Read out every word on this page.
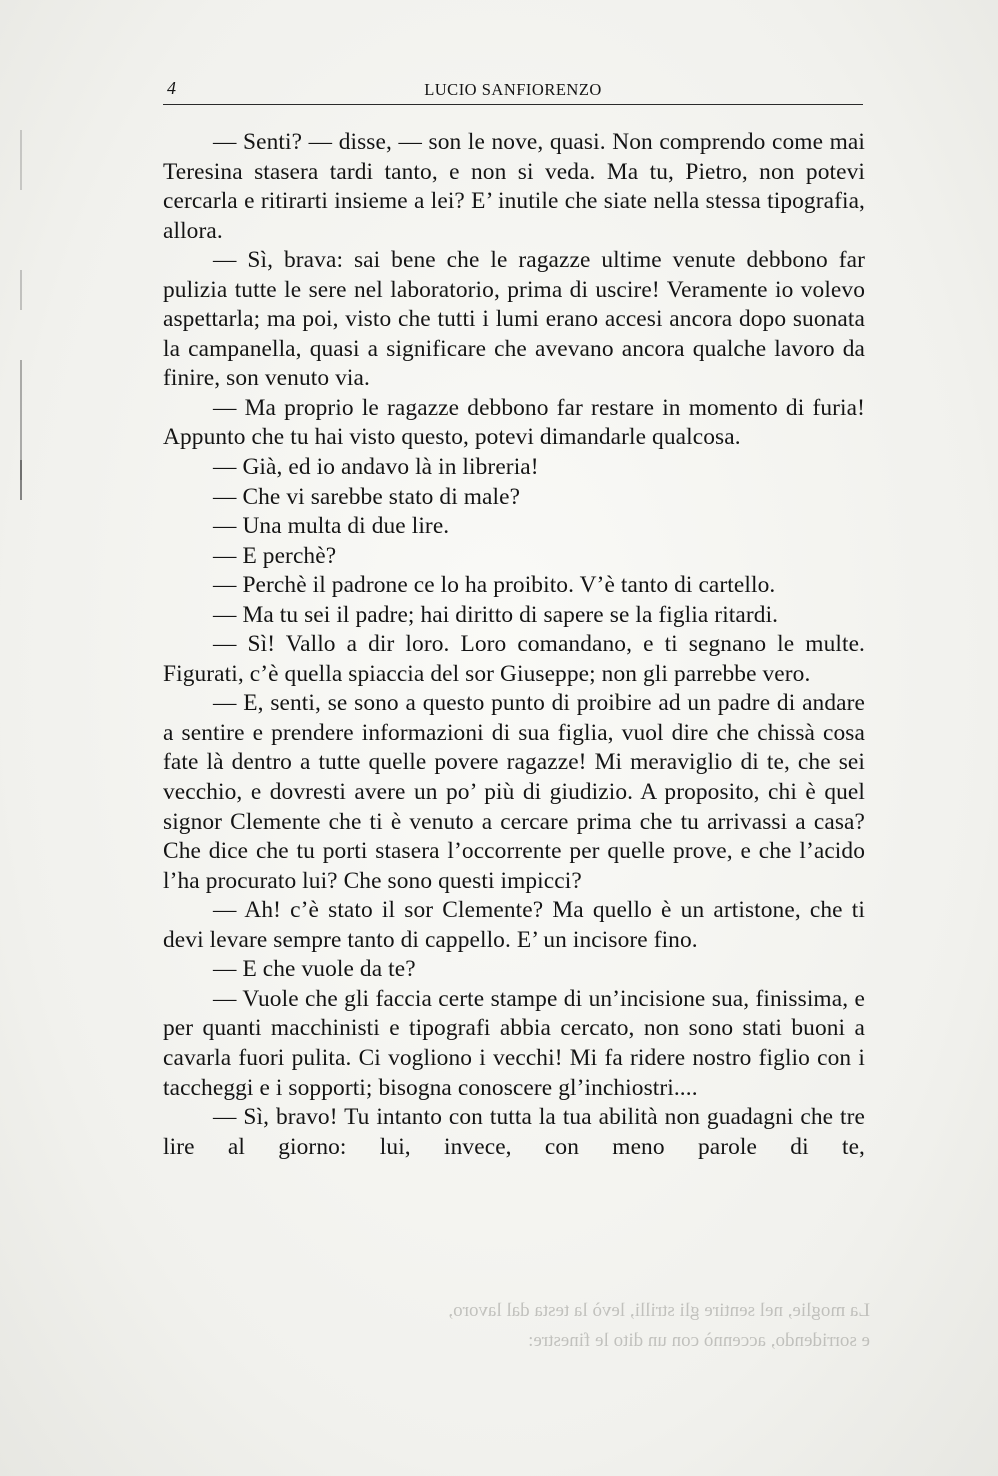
4	LUCIO SANFIORENZO

— Senti? — disse, — son le nove, quasi. Non comprendo come mai Teresina stasera tardi tanto, e non si veda. Ma tu, Pietro, non potevi cercarla e ritirarti insieme a lei? E’ inutile che siate nella stessa tipografia, allora.

— Sì, brava: sai bene che le ragazze ultime venute debbono far pulizia tutte le sere nel laboratorio, prima di uscire! Veramente io volevo aspettarla; ma poi, visto che tutti i lumi erano accesi ancora dopo suonata la campanella, quasi a significare che avevano ancora qualche lavoro da finire, son venuto via.

— Ma proprio le ragazze debbono far restare in momento di furia! Appunto che tu hai visto questo, potevi dimandarle qualcosa.

— Già, ed io andavo là in libreria!

— Che vi sarebbe stato di male?

— Una multa di due lire.

— E perchè?

— Perchè il padrone ce lo ha proibito. V’è tanto di cartello.

— Ma tu sei il padre; hai diritto di sapere se la figlia ritardi.

— Sì! Vallo a dir loro. Loro comandano, e ti segnano le multe. Figurati, c’è quella spiaccia del sor Giuseppe; non gli parrebbe vero.

— E, senti, se sono a questo punto di proibire ad un padre di andare a sentire e prendere informazioni di sua figlia, vuol dire che chissà cosa fate là dentro a tutte quelle povere ragazze! Mi meraviglio di te, che sei vecchio, e dovresti avere un po’ più di giudizio. A proposito, chi è quel signor Clemente che ti è venuto a cercare prima che tu arrivassi a casa? Che dice che tu porti stasera l’occorrente per quelle prove, e che l’acido l’ha procurato lui? Che sono questi impicci?

— Ah! c’è stato il sor Clemente? Ma quello è un artistone, che ti devi levare sempre tanto di cappello. E’ un incisore fino.

— E che vuole da te?

— Vuole che gli faccia certe stampe di un’incisione sua, finissima, e per quanti macchinisti e tipografi abbia cercato, non sono stati buoni a cavarla fuori pulita. Ci vogliono i vecchi! Mi fa ridere nostro figlio con i taccheggi e i sopporti; bisogna conoscere gl’inchiostri....

— Sì, bravo! Tu intanto con tutta la tua abilità non guadagni che tre lire al giorno: lui, invece, con meno parole di te,

La moglie, nel sentire gli strilli, levò la testa dal lavoro,
e sorridendo, accennò con un dito le finestre:
